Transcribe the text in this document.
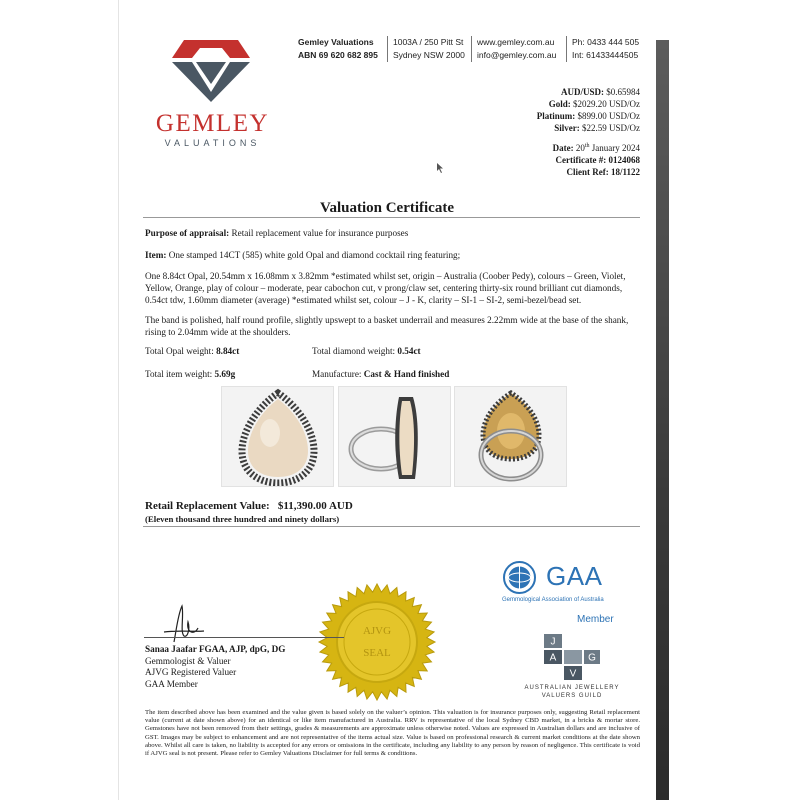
GEMLEY
VALUATIONS
Gemley Valuations
ABN 69 620 682 895
1003A / 250 Pitt St
Sydney NSW 2000
www.gemley.com.au
info@gemley.com.au
Ph: 0433 444 505
Int: 61433444505
AUD/USD: $0.65984
Gold: $2029.20 USD/Oz
Platinum: $899.00 USD/Oz
Silver: $22.59 USD/Oz
Date: 20th January 2024
Certificate #: 0124068
Client Ref: 18/1122
Valuation Certificate
Purpose of appraisal: Retail replacement value for insurance purposes
Item: One stamped 14CT (585) white gold Opal and diamond cocktail ring featuring;
One 8.84ct Opal, 20.54mm x 16.08mm x 3.82mm *estimated whilst set, origin – Australia (Coober Pedy), colours – Green, Violet, Yellow, Orange, play of colour – moderate, pear cabochon cut, v prong/claw set, centering thirty-six round brilliant cut diamonds, 0.54ct tdw, 1.60mm diameter (average) *estimated whilst set, colour – J - K, clarity – SI-1 – SI-2, semi-bezel/bead set.
The band is polished, half round profile, slightly upswept to a basket underrail and measures 2.22mm wide at the base of the shank, rising to 2.04mm wide at the shoulders.
Total Opal weight: 8.84ct	Total diamond weight: 0.54ct
Total item weight: 5.69g	Manufacture: Cast & Hand finished
Retail Replacement Value: $11,390.00 AUD
(Eleven thousand three hundred and ninety dollars)
GAA
Gemmological Association of Australia
Member
A
J
V
G
AUSTRALIAN JEWELLERY
VALUERS GUILD
AJVG
SEAL
Sanaa Jaafar FGAA, AJP, dpG, DG
Gemmologist & Valuer
AJVG Registered Valuer
GAA Member
The item described above has been examined and the value given is based solely on the valuer’s opinion. This valuation is for insurance purposes only, suggesting Retail replacement value (current at date shown above) for an identical or like item manufactured in Australia. RRV is representative of the local Sydney CBD market, in a bricks & mortar store. Gemstones have not been removed from their settings, grades & measurements are approximate unless otherwise noted. Values are expressed in Australian dollars and are inclusive of GST. Images may be subject to enhancement and are not representative of the items actual size. Value is based on professional research & current market conditions at the date shown above. Whilst all care is taken, no liability is accepted for any errors or omissions in the certificate, including any liability to any person by reason of negligence. This certificate is void if AJVG seal is not present. Please refer to Gemley Valuations Disclaimer for full terms & conditions.
